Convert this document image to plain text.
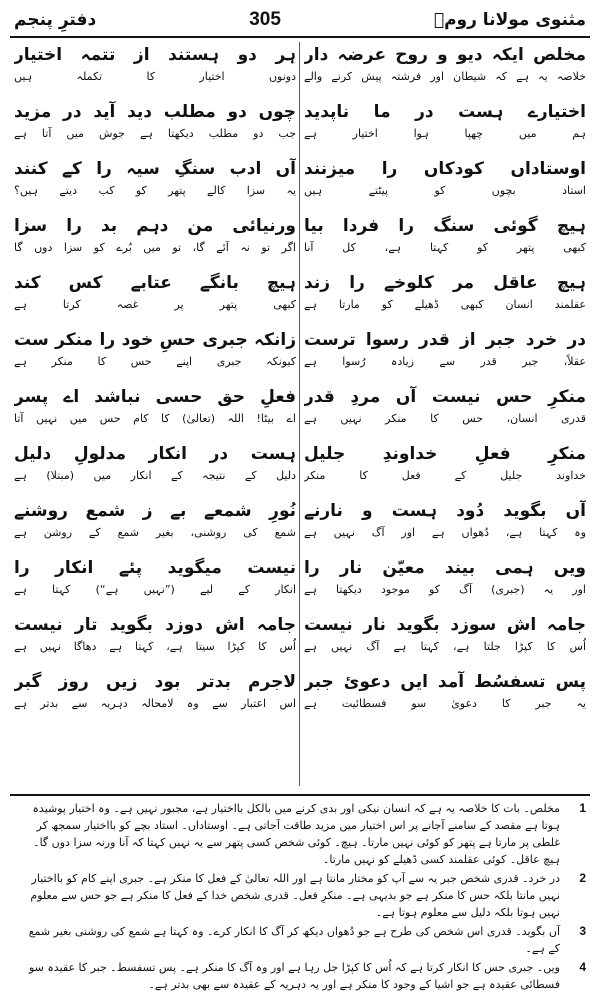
دفترِ پنجم	305	مثنوی مولانا رومؒ
مخلص ایکہ دیو و روح عرضہ دار
خلاصہ یہ ہے کہ شیطان اور فرشتہ پیش کرنے والے
ہر دو ہستند از تتمہ اختیار
دونوں اختیار کا تکملہ ہیں
اختیارے ہست در ما ناپدید
ہم میں چھپا ہوا اختیار ہے
چوں دو مطلب دید آید در مزید
جب دو مطلب دیکھتا ہے جوش میں آتا ہے
اوستاداں کودکاں را میزنند
استاد بچوں کو پیٹتے ہیں
آں ادب سنگِ سیہ را کے کنند
یہ سزا کالے پتھر کو کب دیتے ہیں؟
ہیچ گوئی سنگ را فردا بیا
کبھی پتھر کو کہتا ہے، کل آنا
ورنیائی من دہم بد را سزا
اگر تو نہ آئے گا، تو میں بُرے کو سزا دوں گا
ہیچ عاقل مر کلوخے را زند
عقلمند انسان کبھی ڈھیلے کو مارتا ہے
ہیچ بانگے عتابے کس کند
کبھی پتھر پر غصہ کرتا ہے
در خرد جبر از قدر رسوا ترست
عقلاً، جبر قدر سے زیادہ رُسوا ہے
زانکہ جبری حسِ خود را منکر ست
کیونکہ جبری اپنے حس کا منکر ہے
منکرِ حس نیست آں مردِ قدر
قدری انسان، حس کا منکر نہیں ہے
فعلِ حق حسی نباشد اے پسر
اے بیٹا! اللہ (تعالیٰ) کا کام حس میں نہیں آتا
منکرِ فعلِ خداوندِ جلیل
خداوند جلیل کے فعل کا منکر
ہست در انکار مدلولِ دلیل
دلیل کے نتیجہ کے انکار میں (مبتلا) ہے
آں بگوید دُود ہست و نارنے
وہ کہتا ہے، دُھواں ہے اور آگ نہیں ہے
نُورِ شمعے بے ز شمع روشنے
شمع کی روشنی، بغیر شمع کے روشن ہے
ویں ہمی بیند معیّن نار را
اور یہ (جبری) آگ کو موجود دیکھتا ہے
نیست میگوید پئے انکار را
انکار کے لیے (”نہیں ہے“) کہتا ہے
جامہ اش سوزد بگوید نار نیست
اُس کا کپڑا جلتا ہے، کہتا ہے آگ نہیں ہے
جامہ اش دوزد بگوید تار نیست
اُس کا کپڑا سیتا ہے، کہتا ہے دھاگا نہیں ہے
پس تسفسُط آمد ایں دعوئ جبر
یہ جبر کا دعویٰ سو فسطائیت ہے
لاجرم بدتر بود زیں روز گبر
اس اعتبار سے وہ لامحالہ دہریہ سے بدتر ہے
1
مخلص۔ بات کا خلاصہ یہ ہے کہ انسان نیکی اور بدی کرنے میں بالکل بااختیار ہے، مجبور نہیں ہے۔ وہ اختیار پوشیدہ ہوتا ہے مقصد کے سامنے آجانے پر اس اختیار میں مزید طاقت آجاتی ہے۔ اوستاداں۔ استاد بچے کو بااختیار سمجھ کر غلطی پر مارتا ہے پتھر کو کوئی نہیں مارتا۔ ہیچ۔ کوئی شخص کسی پتھر سے یہ نہیں کہتا کہ آنا ورنہ سزا دوں گا۔ ہیچ عاقل۔ کوئی عقلمند کسی ڈھیلے کو نہیں مارتا۔
2
در خرد۔ قدری شخص جبر یہ سے آپ کو مختار مانتا ہے اور اللہ تعالیٰ کے فعل کا منکر ہے۔ جبری اپنے کام کو بااختیار نہیں مانتا بلکہ حس کا منکر ہے جو بدیہی ہے۔ منکرِ فعل۔ قدری شخص خدا کے فعل کا منکر ہے جو حس سے معلوم نہیں ہوتا بلکہ دلیل سے معلوم ہوتا ہے۔
3
آں بگوید۔ قدری اس شخص کی طرح ہے جو دُھواں دیکھ کر آگ کا انکار کرے۔ وہ کہتا ہے شمع کی روشنی بغیر شمع کے ہے۔
4
ویں۔ جبری حس کا انکار کرتا ہے کہ اُس کا کپڑا جل رہا ہے اور وہ آگ کا منکر ہے۔ پس تسفسط۔ جبر کا عقیدہ سو فسطائی عقیدہ ہے جو اشیا کے وجود کا منکر ہے اور یہ دہریہ کے عقیدہ سے بھی بدتر ہے۔
